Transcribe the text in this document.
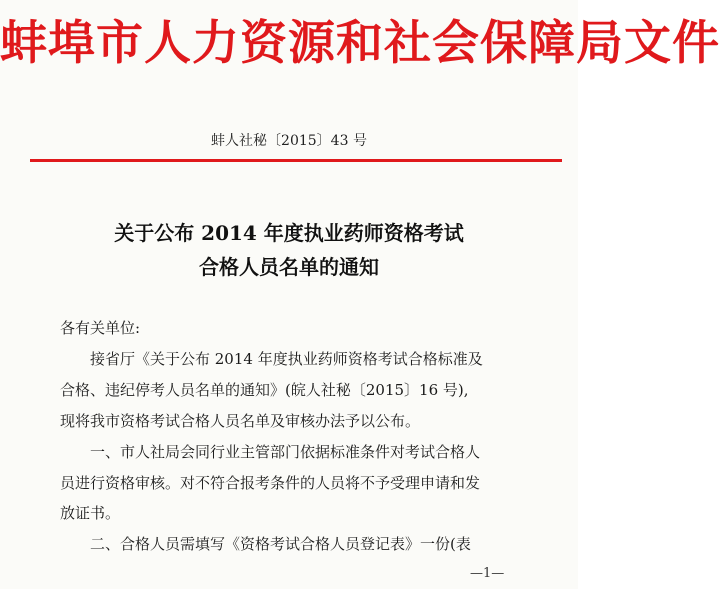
蚌埠市人力资源和社会保障局文件
蚌人社秘〔2015〕43 号
关于公布 2014 年度执业药师资格考试
合格人员名单的通知
各有关单位:
接省厅《关于公布 2014 年度执业药师资格考试合格标准及
合格、违纪停考人员名单的通知》(皖人社秘〔2015〕16 号),
现将我市资格考试合格人员名单及审核办法予以公布。
一、市人社局会同行业主管部门依据标准条件对考试合格人
员进行资格审核。对不符合报考条件的人员将不予受理申请和发
放证书。
二、合格人员需填写《资格考试合格人员登记表》一份(表
—1—
